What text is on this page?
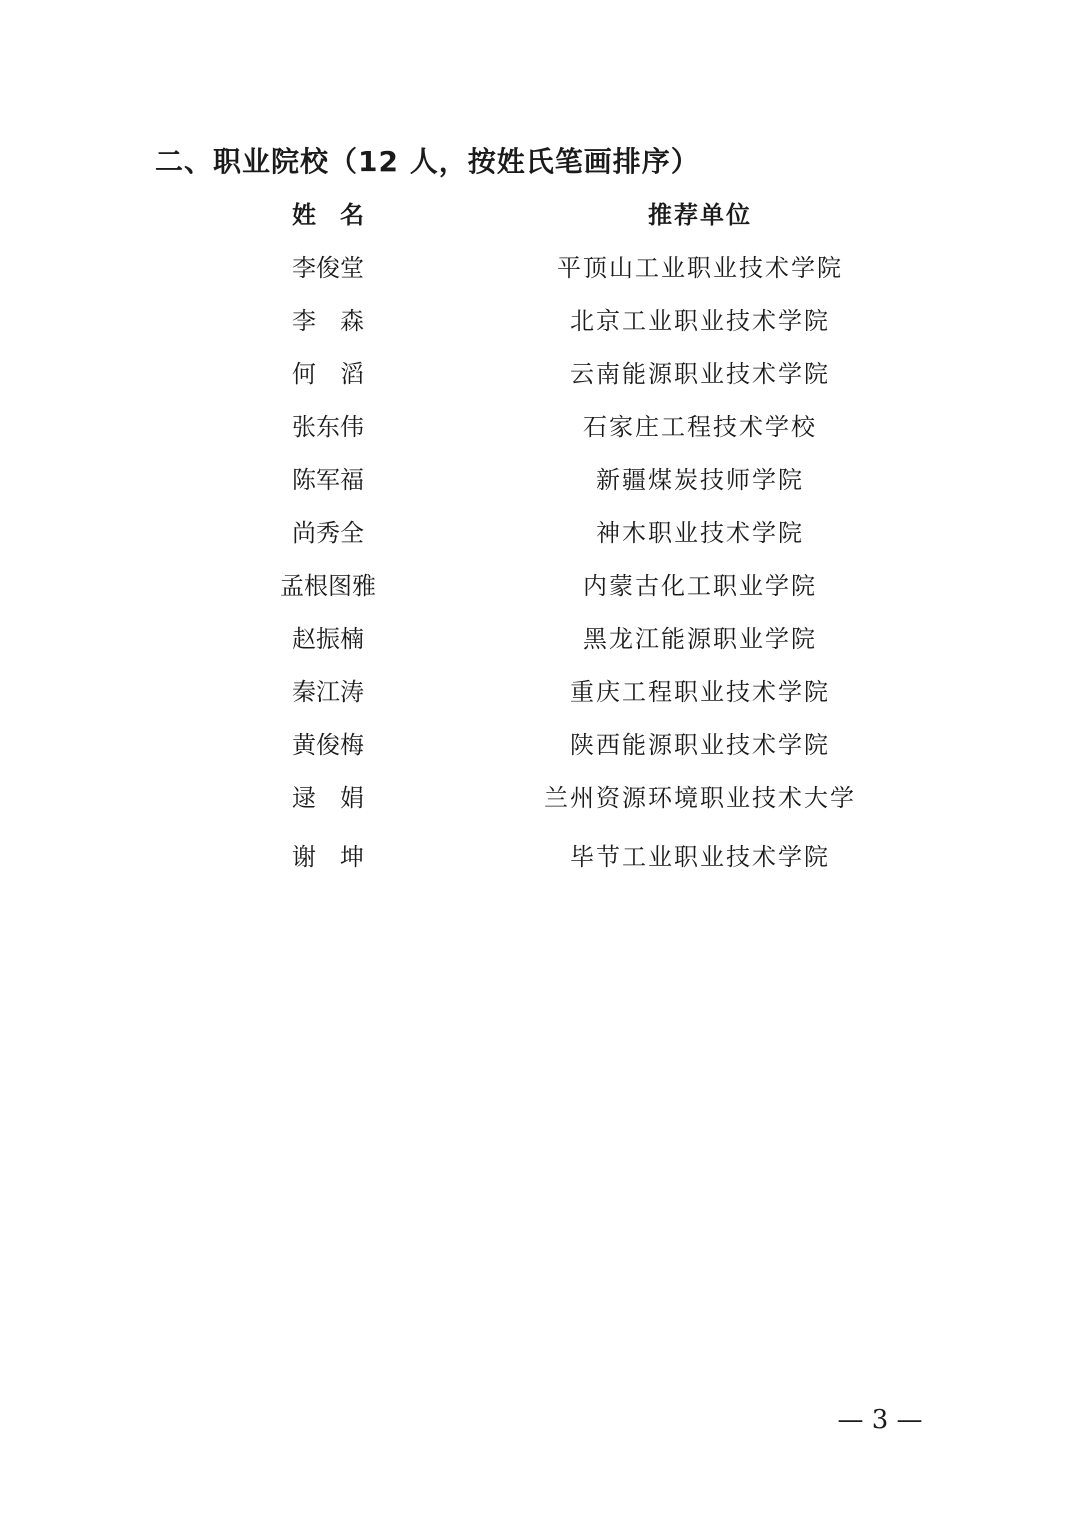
二、职业院校（12 人，按姓氏笔画排序）
姓　名	推荐单位
李俊堂	平顶山工业职业技术学院
李　森	北京工业职业技术学院
何　滔	云南能源职业技术学院
张东伟	石家庄工程技术学校
陈军福	新疆煤炭技师学院
尚秀全	神木职业技术学院
孟根图雅	内蒙古化工职业学院
赵振楠	黑龙江能源职业学院
秦江涛	重庆工程职业技术学院
黄俊梅	陕西能源职业技术学院
逯　娟	兰州资源环境职业技术大学
谢　坤	毕节工业职业技术学院
— 3 —
